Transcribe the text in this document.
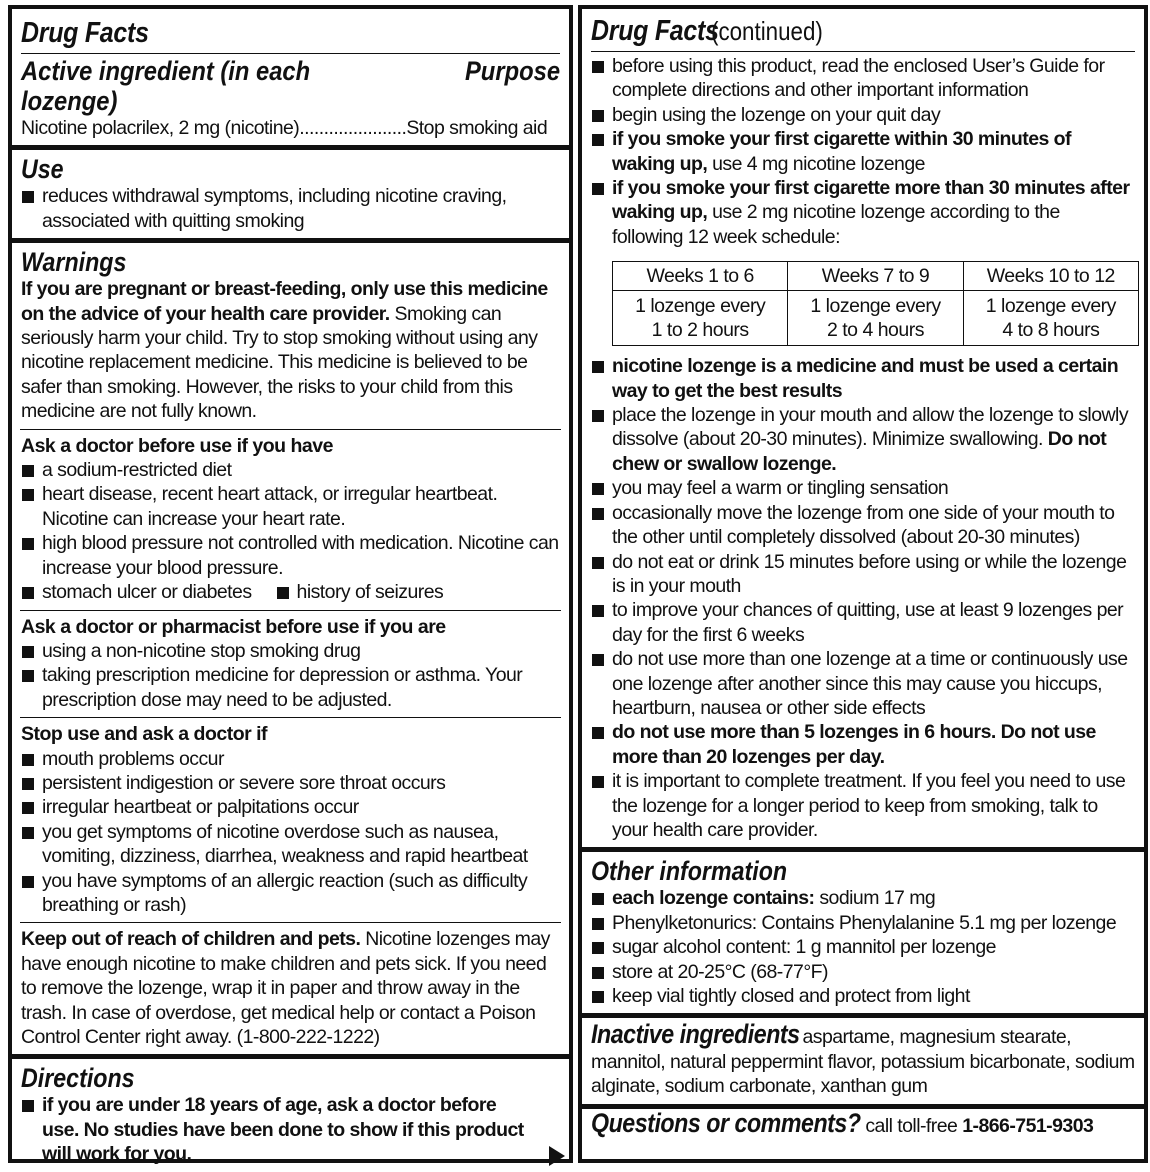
Drug Facts
Active ingredient (in each lozenge)
Purpose
Nicotine polacrilex, 2 mg (nicotine)......................Stop smoking aid
Use
reduces withdrawal symptoms, including nicotine craving, associated with quitting smoking
Warnings
If you are pregnant or breast-feeding, only use this medicine on the advice of your health care provider. Smoking can seriously harm your child. Try to stop smoking without using any nicotine replacement medicine. This medicine is believed to be safer than smoking. However, the risks to your child from this medicine are not fully known.
Ask a doctor before use if you have
a sodium-restricted diet
heart disease, recent heart attack, or irregular heartbeat. Nicotine can increase your heart rate.
high blood pressure not controlled with medication. Nicotine can increase your blood pressure.
stomach ulcer or diabetes history of seizures
Ask a doctor or pharmacist before use if you are
using a non-nicotine stop smoking drug
taking prescription medicine for depression or asthma. Your prescription dose may need to be adjusted.
Stop use and ask a doctor if
mouth problems occur
persistent indigestion or severe sore throat occurs
irregular heartbeat or palpitations occur
you get symptoms of nicotine overdose such as nausea, vomiting, dizziness, diarrhea, weakness and rapid heartbeat
you have symptoms of an allergic reaction (such as difficulty breathing or rash)
Keep out of reach of children and pets. Nicotine lozenges may have enough nicotine to make children and pets sick. If you need to remove the lozenge, wrap it in paper and throw away in the trash. In case of overdose, get medical help or contact a Poison Control Center right away. (1-800-222-1222)
Directions
if you are under 18 years of age, ask a doctor before use. No studies have been done to show if this product will work for you.
Drug Facts(continued)
before using this product, read the enclosed User’s Guide for complete directions and other important information
begin using the lozenge on your quit day
if you smoke your first cigarette within 30 minutes of waking up, use 4 mg nicotine lozenge
if you smoke your first cigarette more than 30 minutes after waking up, use 2 mg nicotine lozenge according to the following 12 week schedule:
Weeks 1 to 6	Weeks 7 to 9	Weeks 10 to 12
1 lozenge every 1 to 2 hours	1 lozenge every 2 to 4 hours	1 lozenge every 4 to 8 hours
nicotine lozenge is a medicine and must be used a certain way to get the best results
place the lozenge in your mouth and allow the lozenge to slowly dissolve (about 20-30 minutes). Minimize swallowing. Do not chew or swallow lozenge.
you may feel a warm or tingling sensation
occasionally move the lozenge from one side of your mouth to the other until completely dissolved (about 20-30 minutes)
do not eat or drink 15 minutes before using or while the lozenge is in your mouth
to improve your chances of quitting, use at least 9 lozenges per day for the first 6 weeks
do not use more than one lozenge at a time or continuously use one lozenge after another since this may cause you hiccups, heartburn, nausea or other side effects
do not use more than 5 lozenges in 6 hours. Do not use more than 20 lozenges per day.
it is important to complete treatment. If you feel you need to use the lozenge for a longer period to keep from smoking, talk to your health care provider.
Other information
each lozenge contains: sodium 17 mg
Phenylketonurics: Contains Phenylalanine 5.1 mg per lozenge
sugar alcohol content: 1 g mannitol per lozenge
store at 20-25°C (68-77°F)
keep vial tightly closed and protect from light
Inactive ingredients aspartame, magnesium stearate, mannitol, natural peppermint flavor, potassium bicarbonate, sodium alginate, sodium carbonate, xanthan gum
Questions or comments? call toll-free 1-866-751-9303
